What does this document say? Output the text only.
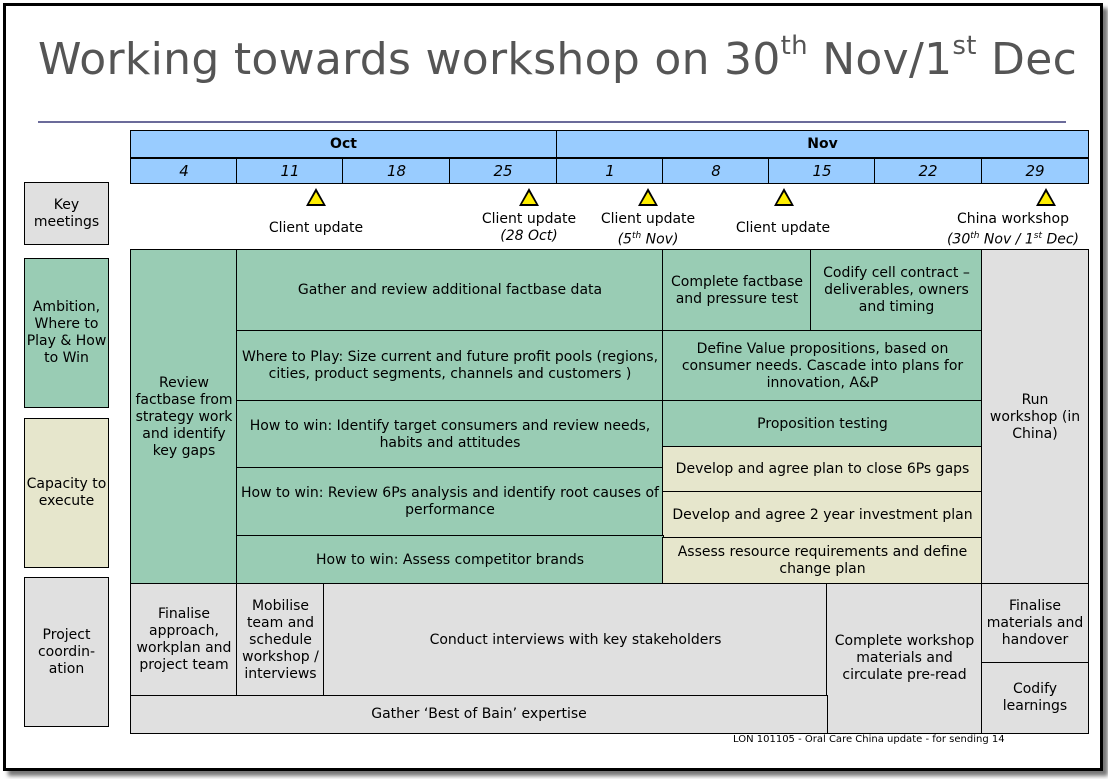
Working towards workshop on 30th Nov/1st Dec
Oct	Nov
4	11	18	25	1	8	15	22	29
Key meetings
Ambition, Where to Play & How to Win
Capacity to execute
Project coordin-ation
Client update
Client update
(28 Oct)
Client update
(5th Nov)
Client update
China workshop
(30th Nov / 1st Dec)
Review factbase from strategy work and identify key gaps
Gather and review additional factbase data
Complete factbase and pressure test
Codify cell contract – deliverables, owners and timing
Where to Play: Size current and future profit pools (regions, cities, product segments, channels and customers )
Define Value propositions, based on consumer needs. Cascade into plans for innovation, A&P
How to win: Identify target consumers and review needs, habits and attitudes
Proposition testing
How to win: Review 6Ps analysis and identify root causes of performance
Develop and agree plan to close 6Ps gaps
Develop and agree 2 year investment plan
How to win: Assess competitor brands	Assess resource requirements and define change plan
Run workshop (in China)
Finalise approach, workplan and project team
Mobilise team and schedule workshop / interviews
Conduct interviews with key stakeholders	Complete workshop materials and circulate pre-read
Finalise materials and handover
Codify learnings
Gather ‘Best of Bain’ expertise
LON 101105 - Oral Care China update - for sending 14
